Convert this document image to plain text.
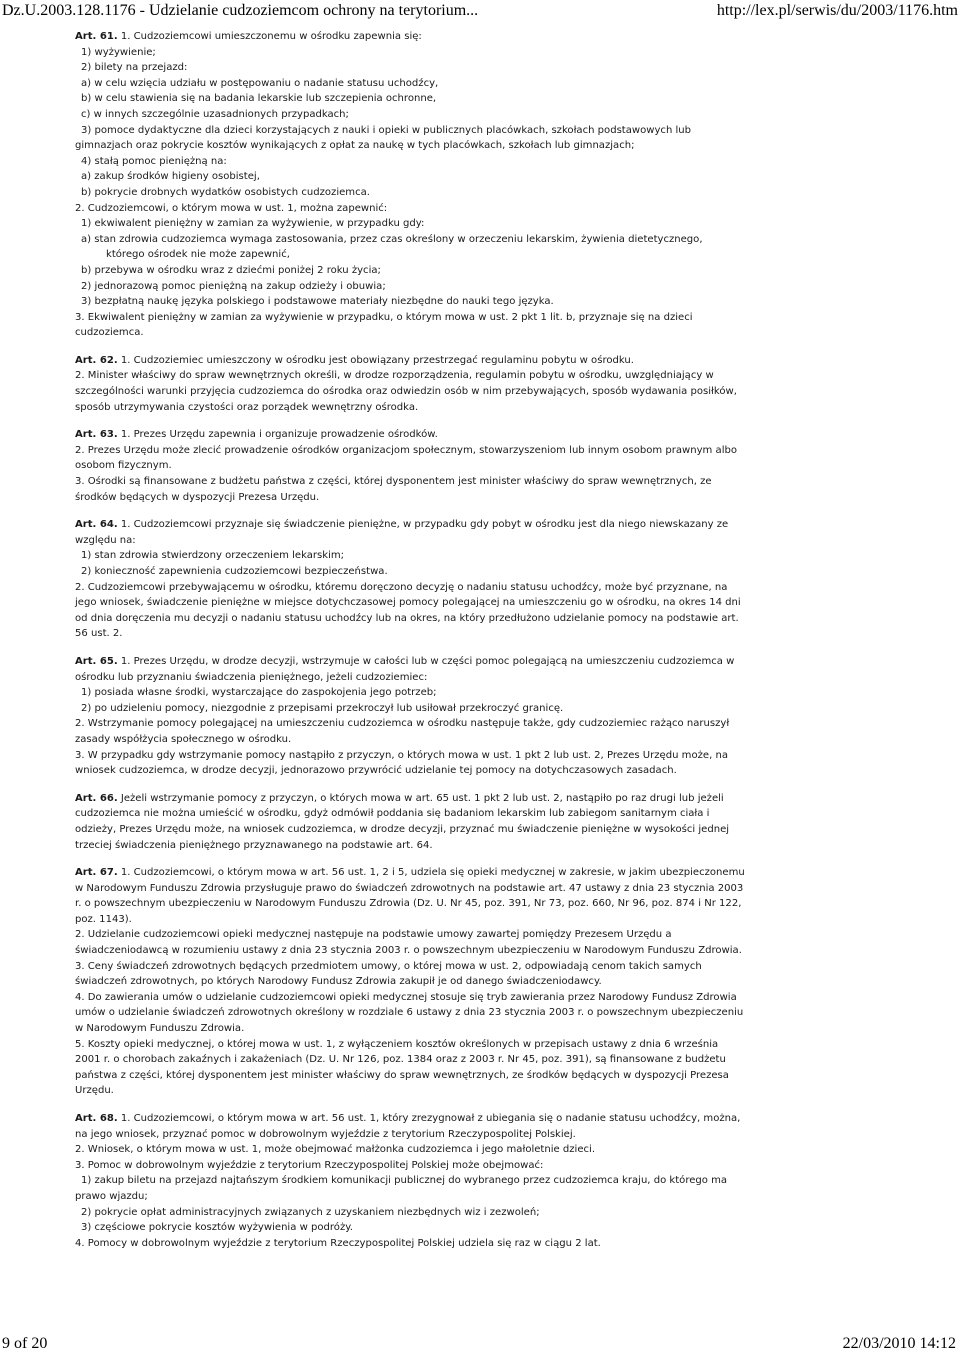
Dz.U.2003.128.1176 - Udzielanie cudzoziemcom ochrony na terytorium...	http://lex.pl/serwis/du/2003/1176.htm
Art. 61. 1. Cudzoziemcowi umieszczonemu w ośrodku zapewnia się:
1) wyżywienie;
2) bilety na przejazd:
a) w celu wzięcia udziału w postępowaniu o nadanie statusu uchodźcy,
b) w celu stawienia się na badania lekarskie lub szczepienia ochronne,
c) w innych szczególnie uzasadnionych przypadkach;
3) pomoce dydaktyczne dla dzieci korzystających z nauki i opieki w publicznych placówkach, szkołach podstawowych lub
gimnazjach oraz pokrycie kosztów wynikających z opłat za naukę w tych placówkach, szkołach lub gimnazjach;
4) stałą pomoc pieniężną na:
a) zakup środków higieny osobistej,
b) pokrycie drobnych wydatków osobistych cudzoziemca.
2. Cudzoziemcowi, o którym mowa w ust. 1, można zapewnić:
1) ekwiwalent pieniężny w zamian za wyżywienie, w przypadku gdy:
a) stan zdrowia cudzoziemca wymaga zastosowania, przez czas określony w orzeczeniu lekarskim, żywienia dietetycznego,
którego ośrodek nie może zapewnić,
b) przebywa w ośrodku wraz z dziećmi poniżej 2 roku życia;
2) jednorazową pomoc pieniężną na zakup odzieży i obuwia;
3) bezpłatną naukę języka polskiego i podstawowe materiały niezbędne do nauki tego języka.
3. Ekwiwalent pieniężny w zamian za wyżywienie w przypadku, o którym mowa w ust. 2 pkt 1 lit. b, przyznaje się na dzieci
cudzoziemca.
Art. 62. 1. Cudzoziemiec umieszczony w ośrodku jest obowiązany przestrzegać regulaminu pobytu w ośrodku.
2. Minister właściwy do spraw wewnętrznych określi, w drodze rozporządzenia, regulamin pobytu w ośrodku, uwzględniający w
szczególności warunki przyjęcia cudzoziemca do ośrodka oraz odwiedzin osób w nim przebywających, sposób wydawania posiłków,
sposób utrzymywania czystości oraz porządek wewnętrzny ośrodka.
Art. 63. 1. Prezes Urzędu zapewnia i organizuje prowadzenie ośrodków.
2. Prezes Urzędu może zlecić prowadzenie ośrodków organizacjom społecznym, stowarzyszeniom lub innym osobom prawnym albo
osobom fizycznym.
3. Ośrodki są finansowane z budżetu państwa z części, której dysponentem jest minister właściwy do spraw wewnętrznych, ze
środków będących w dyspozycji Prezesa Urzędu.
Art. 64. 1. Cudzoziemcowi przyznaje się świadczenie pieniężne, w przypadku gdy pobyt w ośrodku jest dla niego niewskazany ze
względu na:
1) stan zdrowia stwierdzony orzeczeniem lekarskim;
2) konieczność zapewnienia cudzoziemcowi bezpieczeństwa.
2. Cudzoziemcowi przebywającemu w ośrodku, któremu doręczono decyzję o nadaniu statusu uchodźcy, może być przyznane, na
jego wniosek, świadczenie pieniężne w miejsce dotychczasowej pomocy polegającej na umieszczeniu go w ośrodku, na okres 14 dni
od dnia doręczenia mu decyzji o nadaniu statusu uchodźcy lub na okres, na który przedłużono udzielanie pomocy na podstawie art.
56 ust. 2.
Art. 65. 1. Prezes Urzędu, w drodze decyzji, wstrzymuje w całości lub w części pomoc polegającą na umieszczeniu cudzoziemca w
ośrodku lub przyznaniu świadczenia pieniężnego, jeżeli cudzoziemiec:
1) posiada własne środki, wystarczające do zaspokojenia jego potrzeb;
2) po udzieleniu pomocy, niezgodnie z przepisami przekroczył lub usiłował przekroczyć granicę.
2. Wstrzymanie pomocy polegającej na umieszczeniu cudzoziemca w ośrodku następuje także, gdy cudzoziemiec rażąco naruszył
zasady współżycia społecznego w ośrodku.
3. W przypadku gdy wstrzymanie pomocy nastąpiło z przyczyn, o których mowa w ust. 1 pkt 2 lub ust. 2, Prezes Urzędu może, na
wniosek cudzoziemca, w drodze decyzji, jednorazowo przywrócić udzielanie tej pomocy na dotychczasowych zasadach.
Art. 66. Jeżeli wstrzymanie pomocy z przyczyn, o których mowa w art. 65 ust. 1 pkt 2 lub ust. 2, nastąpiło po raz drugi lub jeżeli
cudzoziemca nie można umieścić w ośrodku, gdyż odmówił poddania się badaniom lekarskim lub zabiegom sanitarnym ciała i
odzieży, Prezes Urzędu może, na wniosek cudzoziemca, w drodze decyzji, przyznać mu świadczenie pieniężne w wysokości jednej
trzeciej świadczenia pieniężnego przyznawanego na podstawie art. 64.
Art. 67. 1. Cudzoziemcowi, o którym mowa w art. 56 ust. 1, 2 i 5, udziela się opieki medycznej w zakresie, w jakim ubezpieczonemu
w Narodowym Funduszu Zdrowia przysługuje prawo do świadczeń zdrowotnych na podstawie art. 47 ustawy z dnia 23 stycznia 2003
r. o powszechnym ubezpieczeniu w Narodowym Funduszu Zdrowia (Dz. U. Nr 45, poz. 391, Nr 73, poz. 660, Nr 96, poz. 874 i Nr 122,
poz. 1143).
2. Udzielanie cudzoziemcowi opieki medycznej następuje na podstawie umowy zawartej pomiędzy Prezesem Urzędu a
świadczeniodawcą w rozumieniu ustawy z dnia 23 stycznia 2003 r. o powszechnym ubezpieczeniu w Narodowym Funduszu Zdrowia.
3. Ceny świadczeń zdrowotnych będących przedmiotem umowy, o której mowa w ust. 2, odpowiadają cenom takich samych
świadczeń zdrowotnych, po których Narodowy Fundusz Zdrowia zakupił je od danego świadczeniodawcy.
4. Do zawierania umów o udzielanie cudzoziemcowi opieki medycznej stosuje się tryb zawierania przez Narodowy Fundusz Zdrowia
umów o udzielanie świadczeń zdrowotnych określony w rozdziale 6 ustawy z dnia 23 stycznia 2003 r. o powszechnym ubezpieczeniu
w Narodowym Funduszu Zdrowia.
5. Koszty opieki medycznej, o której mowa w ust. 1, z wyłączeniem kosztów określonych w przepisach ustawy z dnia 6 września
2001 r. o chorobach zakaźnych i zakażeniach (Dz. U. Nr 126, poz. 1384 oraz z 2003 r. Nr 45, poz. 391), są finansowane z budżetu
państwa z części, której dysponentem jest minister właściwy do spraw wewnętrznych, ze środków będących w dyspozycji Prezesa
Urzędu.
Art. 68. 1. Cudzoziemcowi, o którym mowa w art. 56 ust. 1, który zrezygnował z ubiegania się o nadanie statusu uchodźcy, można,
na jego wniosek, przyznać pomoc w dobrowolnym wyjeździe z terytorium Rzeczypospolitej Polskiej.
2. Wniosek, o którym mowa w ust. 1, może obejmować małżonka cudzoziemca i jego małoletnie dzieci.
3. Pomoc w dobrowolnym wyjeździe z terytorium Rzeczypospolitej Polskiej może obejmować:
1) zakup biletu na przejazd najtańszym środkiem komunikacji publicznej do wybranego przez cudzoziemca kraju, do którego ma
prawo wjazdu;
2) pokrycie opłat administracyjnych związanych z uzyskaniem niezbędnych wiz i zezwoleń;
3) częściowe pokrycie kosztów wyżywienia w podróży.
4. Pomocy w dobrowolnym wyjeździe z terytorium Rzeczypospolitej Polskiej udziela się raz w ciągu 2 lat.
9 of 20	22/03/2010 14:12
